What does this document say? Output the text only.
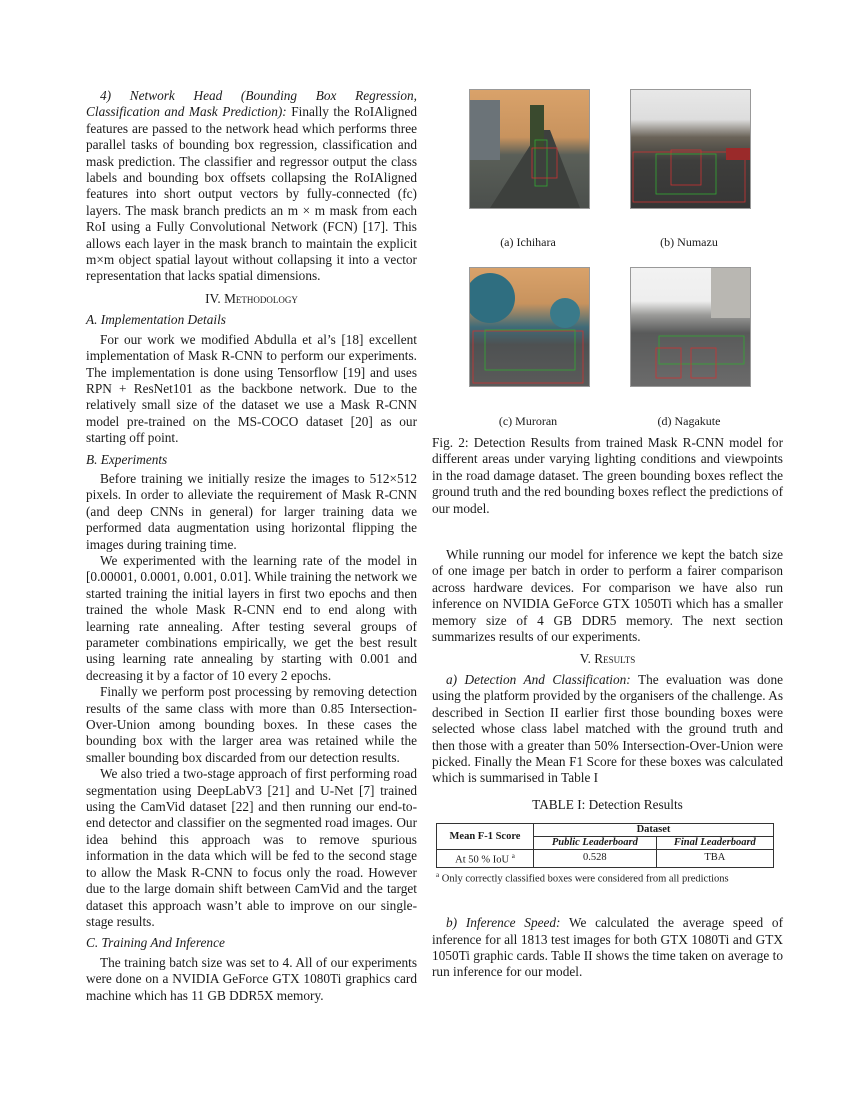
4) Network Head (Bounding Box Regression, Classification and Mask Prediction): Finally the RoIAligned features are passed to the network head which performs three parallel tasks of bounding box regression, classification and mask prediction. The classifier and regressor output the class labels and bounding box offsets collapsing the RoIAligned features into short output vectors by fully-connected (fc) layers. The mask branch predicts an m × m mask from each RoI using a Fully Convolutional Network (FCN) [17]. This allows each layer in the mask branch to maintain the explicit m×m object spatial layout without collapsing it into a vector representation that lacks spatial dimensions.

IV. Methodology
A. Implementation Details

For our work we modified Abdulla et al’s [18] excellent implementation of Mask R-CNN to perform our experiments. The implementation is done using Tensorflow [19] and uses RPN + ResNet101 as the backbone network. Due to the relatively small size of the dataset we use a Mask R-CNN model pre-trained on the MS-COCO dataset [20] as our starting off point.

B. Experiments

Before training we initially resize the images to 512×512 pixels. In order to alleviate the requirement of Mask R-CNN (and deep CNNs in general) for larger training data we performed data augmentation using horizontal flipping the images during training time.

We experimented with the learning rate of the model in [0.00001, 0.0001, 0.001, 0.01]. While training the network we started training the initial layers in first two epochs and then trained the whole Mask R-CNN end to end along with learning rate annealing. After testing several groups of parameter combinations empirically, we get the best result using learning rate annealing by starting with 0.001 and decreasing it by a factor of 10 every 2 epochs.

Finally we perform post processing by removing detection results of the same class with more than 0.85 Intersection-Over-Union among bounding boxes. In these cases the bounding box with the larger area was retained while the smaller bounding box discarded from our detection results.

We also tried a two-stage approach of first performing road segmentation using DeepLabV3 [21] and U-Net [7] trained using the CamVid dataset [22] and then running our end-to-end detector and classifier on the segmented road images. Our idea behind this approach was to remove spurious information in the data which will be fed to the second stage to allow the Mask R-CNN to focus only the road. However due to the large domain shift between CamVid and the target dataset this approach wasn’t able to improve on our single-stage results.

C. Training And Inference

The training batch size was set to 4. All of our experiments were done on a NVIDIA GeForce GTX 1080Ti graphics card machine which has 11 GB DDR5X memory.

(a) Ichihara	(b) Numazu
(c) Muroran	(d) Nagakute

Fig. 2: Detection Results from trained Mask R-CNN model for different areas under varying lighting conditions and viewpoints in the road damage dataset. The green bounding boxes reflect the ground truth and the red bounding boxes reflect the predictions of our model.

While running our model for inference we kept the batch size of one image per batch in order to perform a fairer comparison across hardware devices. For comparison we have also run inference on NVIDIA GeForce GTX 1050Ti which has a smaller memory size of 4 GB DDR5 memory. The next section summarizes results of our experiments.

V. Results

a) Detection And Classification: The evaluation was done using the platform provided by the organisers of the challenge. As described in Section II earlier first those bounding boxes were selected whose class label matched with the ground truth and then those with a greater than 50% Intersection-Over-Union were picked. Finally the Mean F1 Score for these boxes was calculated which is summarised in Table I

TABLE I: Detection Results
Mean F-1 Score	Dataset	
	Public Leaderboard	Final Leaderboard
At 50 % IoU $^a$	0.528	TBA
$^a$ Only correctly classified boxes were considered from all predictions

b) Inference Speed: We calculated the average speed of inference for all 1813 test images for both GTX 1080Ti and GTX 1050Ti graphic cards. Table II shows the time taken on average to run inference for our model.
